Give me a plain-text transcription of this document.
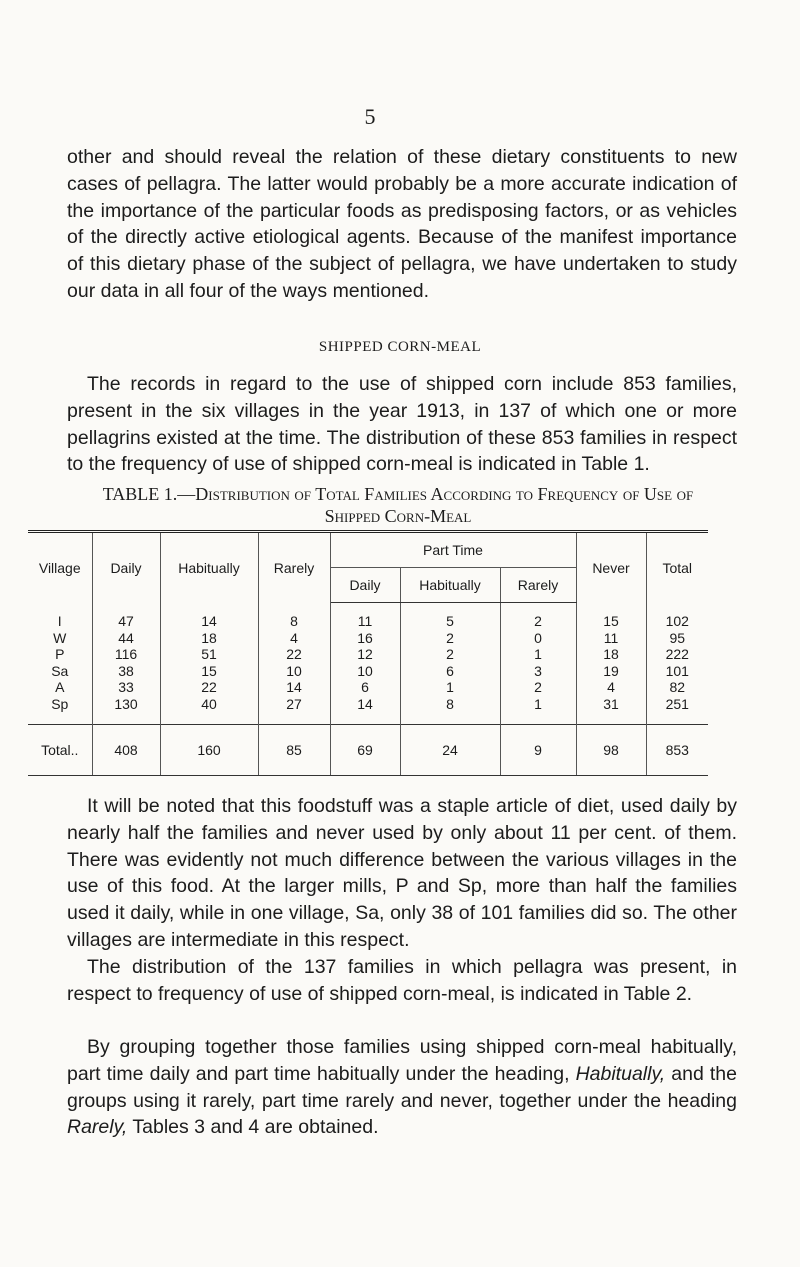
5

other and should reveal the relation of these dietary constituents to new cases of pellagra. The latter would probably be a more accurate indication of the importance of the particular foods as predisposing factors, or as vehicles of the directly active etiological agents. Because of the manifest importance of this dietary phase of the subject of pellagra, we have undertaken to study our data in all four of the ways mentioned.

SHIPPED CORN-MEAL

The records in regard to the use of shipped corn include 853 families, present in the six villages in the year 1913, in 137 of which one or more pellagrins existed at the time. The distribution of these 853 families in respect to the frequency of use of shipped corn-meal is indicated in Table 1.

TABLE 1.—Distribution of Total Families According to Frequency of Use of
Shipped Corn-Meal
Village	Daily	Habitually	Rarely	Part Time			Never	Total
				Daily	Habitually	Rarely		
I	47	14	8	11	5	2	15	102
W	44	18	4	16	2	0	11	95
P	116	51	22	12	2	1	18	222
Sa	38	15	10	10	6	3	19	101
A	33	22	14	6	1	2	4	82
Sp	130	40	27	14	8	1	31	251
Total..	408	160	85	69	24	9	98	853

It will be noted that this foodstuff was a staple article of diet, used daily by nearly half the families and never used by only about 11 per cent. of them. There was evidently not much difference between the various villages in the use of this food. At the larger mills, P and Sp, more than half the families used it daily, while in one village, Sa, only 38 of 101 families did so. The other villages are intermediate in this respect.

The distribution of the 137 families in which pellagra was present, in respect to frequency of use of shipped corn-meal, is indicated in Table 2.

By grouping together those families using shipped corn-meal habitually, part time daily and part time habitually under the heading, Habitually, and the groups using it rarely, part time rarely and never, together under the heading Rarely, Tables 3 and 4 are obtained.
